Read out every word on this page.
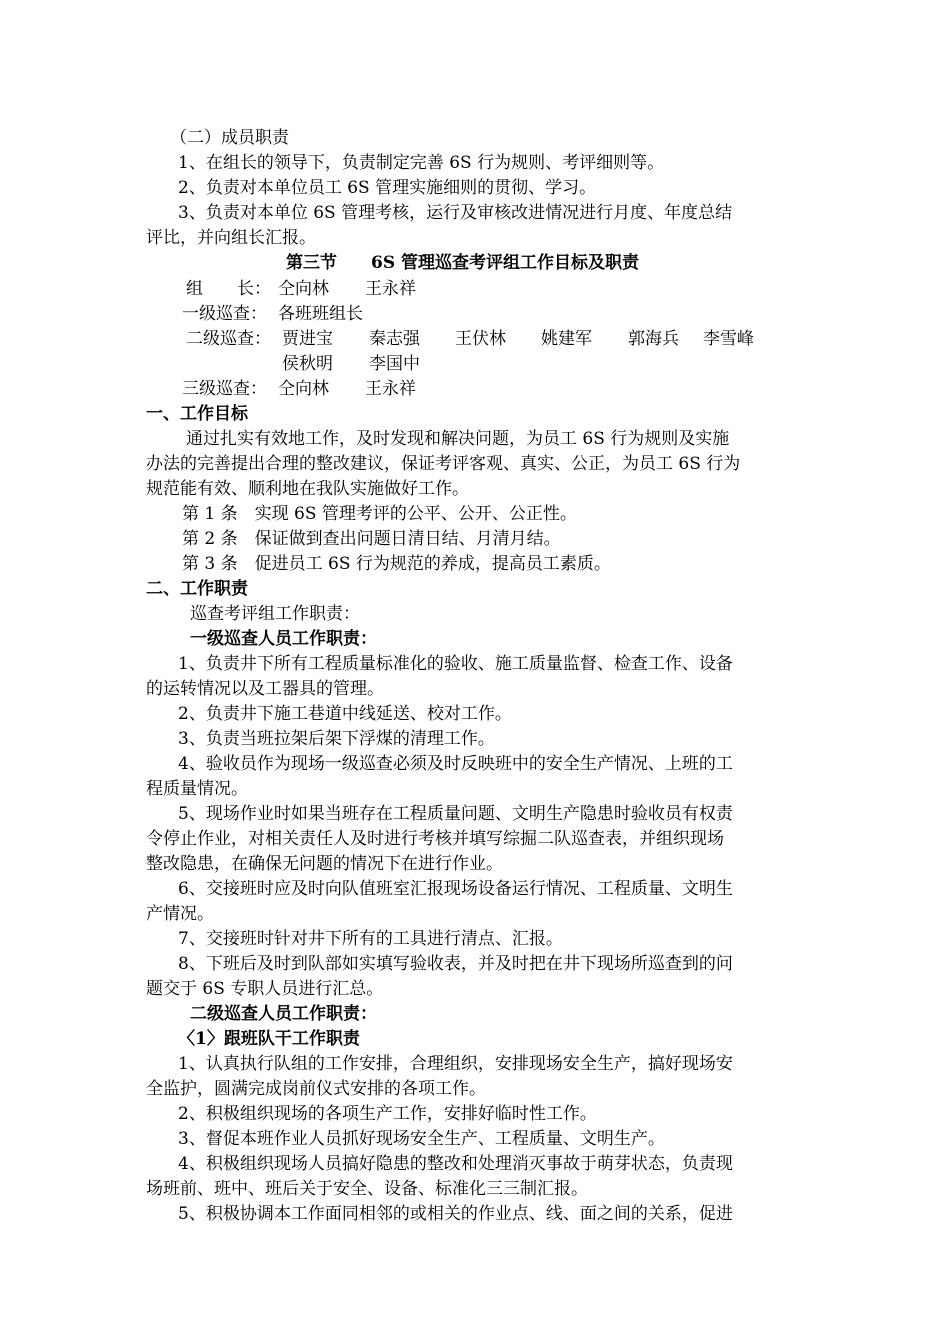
（二）成员职责
1、在组长的领导下，负责制定完善 6S 行为规则、考评细则等。
2、负责对本单位员工 6S 管理实施细则的贯彻、学习。
3、负责对本单位 6S 管理考核，运行及审核改进情况进行月度、年度总结
评比，并向组长汇报。
第三节　　6S 管理巡查考评组工作目标及职责
组　　长： 仝向林 王永祥
一级巡查： 各班班组长
二级巡查： 贾进宝 秦志强 王伏林 姚建军 郭海兵 李雪峰
侯秋明 李国中
三级巡查： 仝向林 王永祥
一、工作目标
通过扎实有效地工作，及时发现和解决问题，为员工 6S 行为规则及实施
办法的完善提出合理的整改建议，保证考评客观、真实、公正，为员工 6S 行为
规范能有效、顺利地在我队实施做好工作。
第 1 条　实现 6S 管理考评的公平、公开、公正性。
第 2 条　保证做到查出问题日清日结、月清月结。
第 3 条　促进员工 6S 行为规范的养成，提高员工素质。
二、工作职责
巡查考评组工作职责：
一级巡查人员工作职责：
1、负责井下所有工程质量标准化的验收、施工质量监督、检查工作、设备
的运转情况以及工器具的管理。
2、负责井下施工巷道中线延送、校对工作。
3、负责当班拉架后架下浮煤的清理工作。
4、验收员作为现场一级巡查必须及时反映班中的安全生产情况、上班的工
程质量情况。
5、现场作业时如果当班存在工程质量问题、文明生产隐患时验收员有权责
令停止作业，对相关责任人及时进行考核并填写综掘二队巡查表，并组织现场
整改隐患，在确保无问题的情况下在进行作业。
6、交接班时应及时向队值班室汇报现场设备运行情况、工程质量、文明生
产情况。
7、交接班时针对井下所有的工具进行清点、汇报。
8、下班后及时到队部如实填写验收表，并及时把在井下现场所巡查到的问
题交于 6S 专职人员进行汇总。
二级巡查人员工作职责：
〈1〉跟班队干工作职责
1、认真执行队组的工作安排，合理组织，安排现场安全生产，搞好现场安
全监护，圆满完成岗前仪式安排的各项工作。
2、积极组织现场的各项生产工作，安排好临时性工作。
3、督促本班作业人员抓好现场安全生产、工程质量、文明生产。
4、积极组织现场人员搞好隐患的整改和处理消灭事故于萌芽状态，负责现
场班前、班中、班后关于安全、设备、标准化三三制汇报。
5、积极协调本工作面同相邻的或相关的作业点、线、面之间的关系，促进
